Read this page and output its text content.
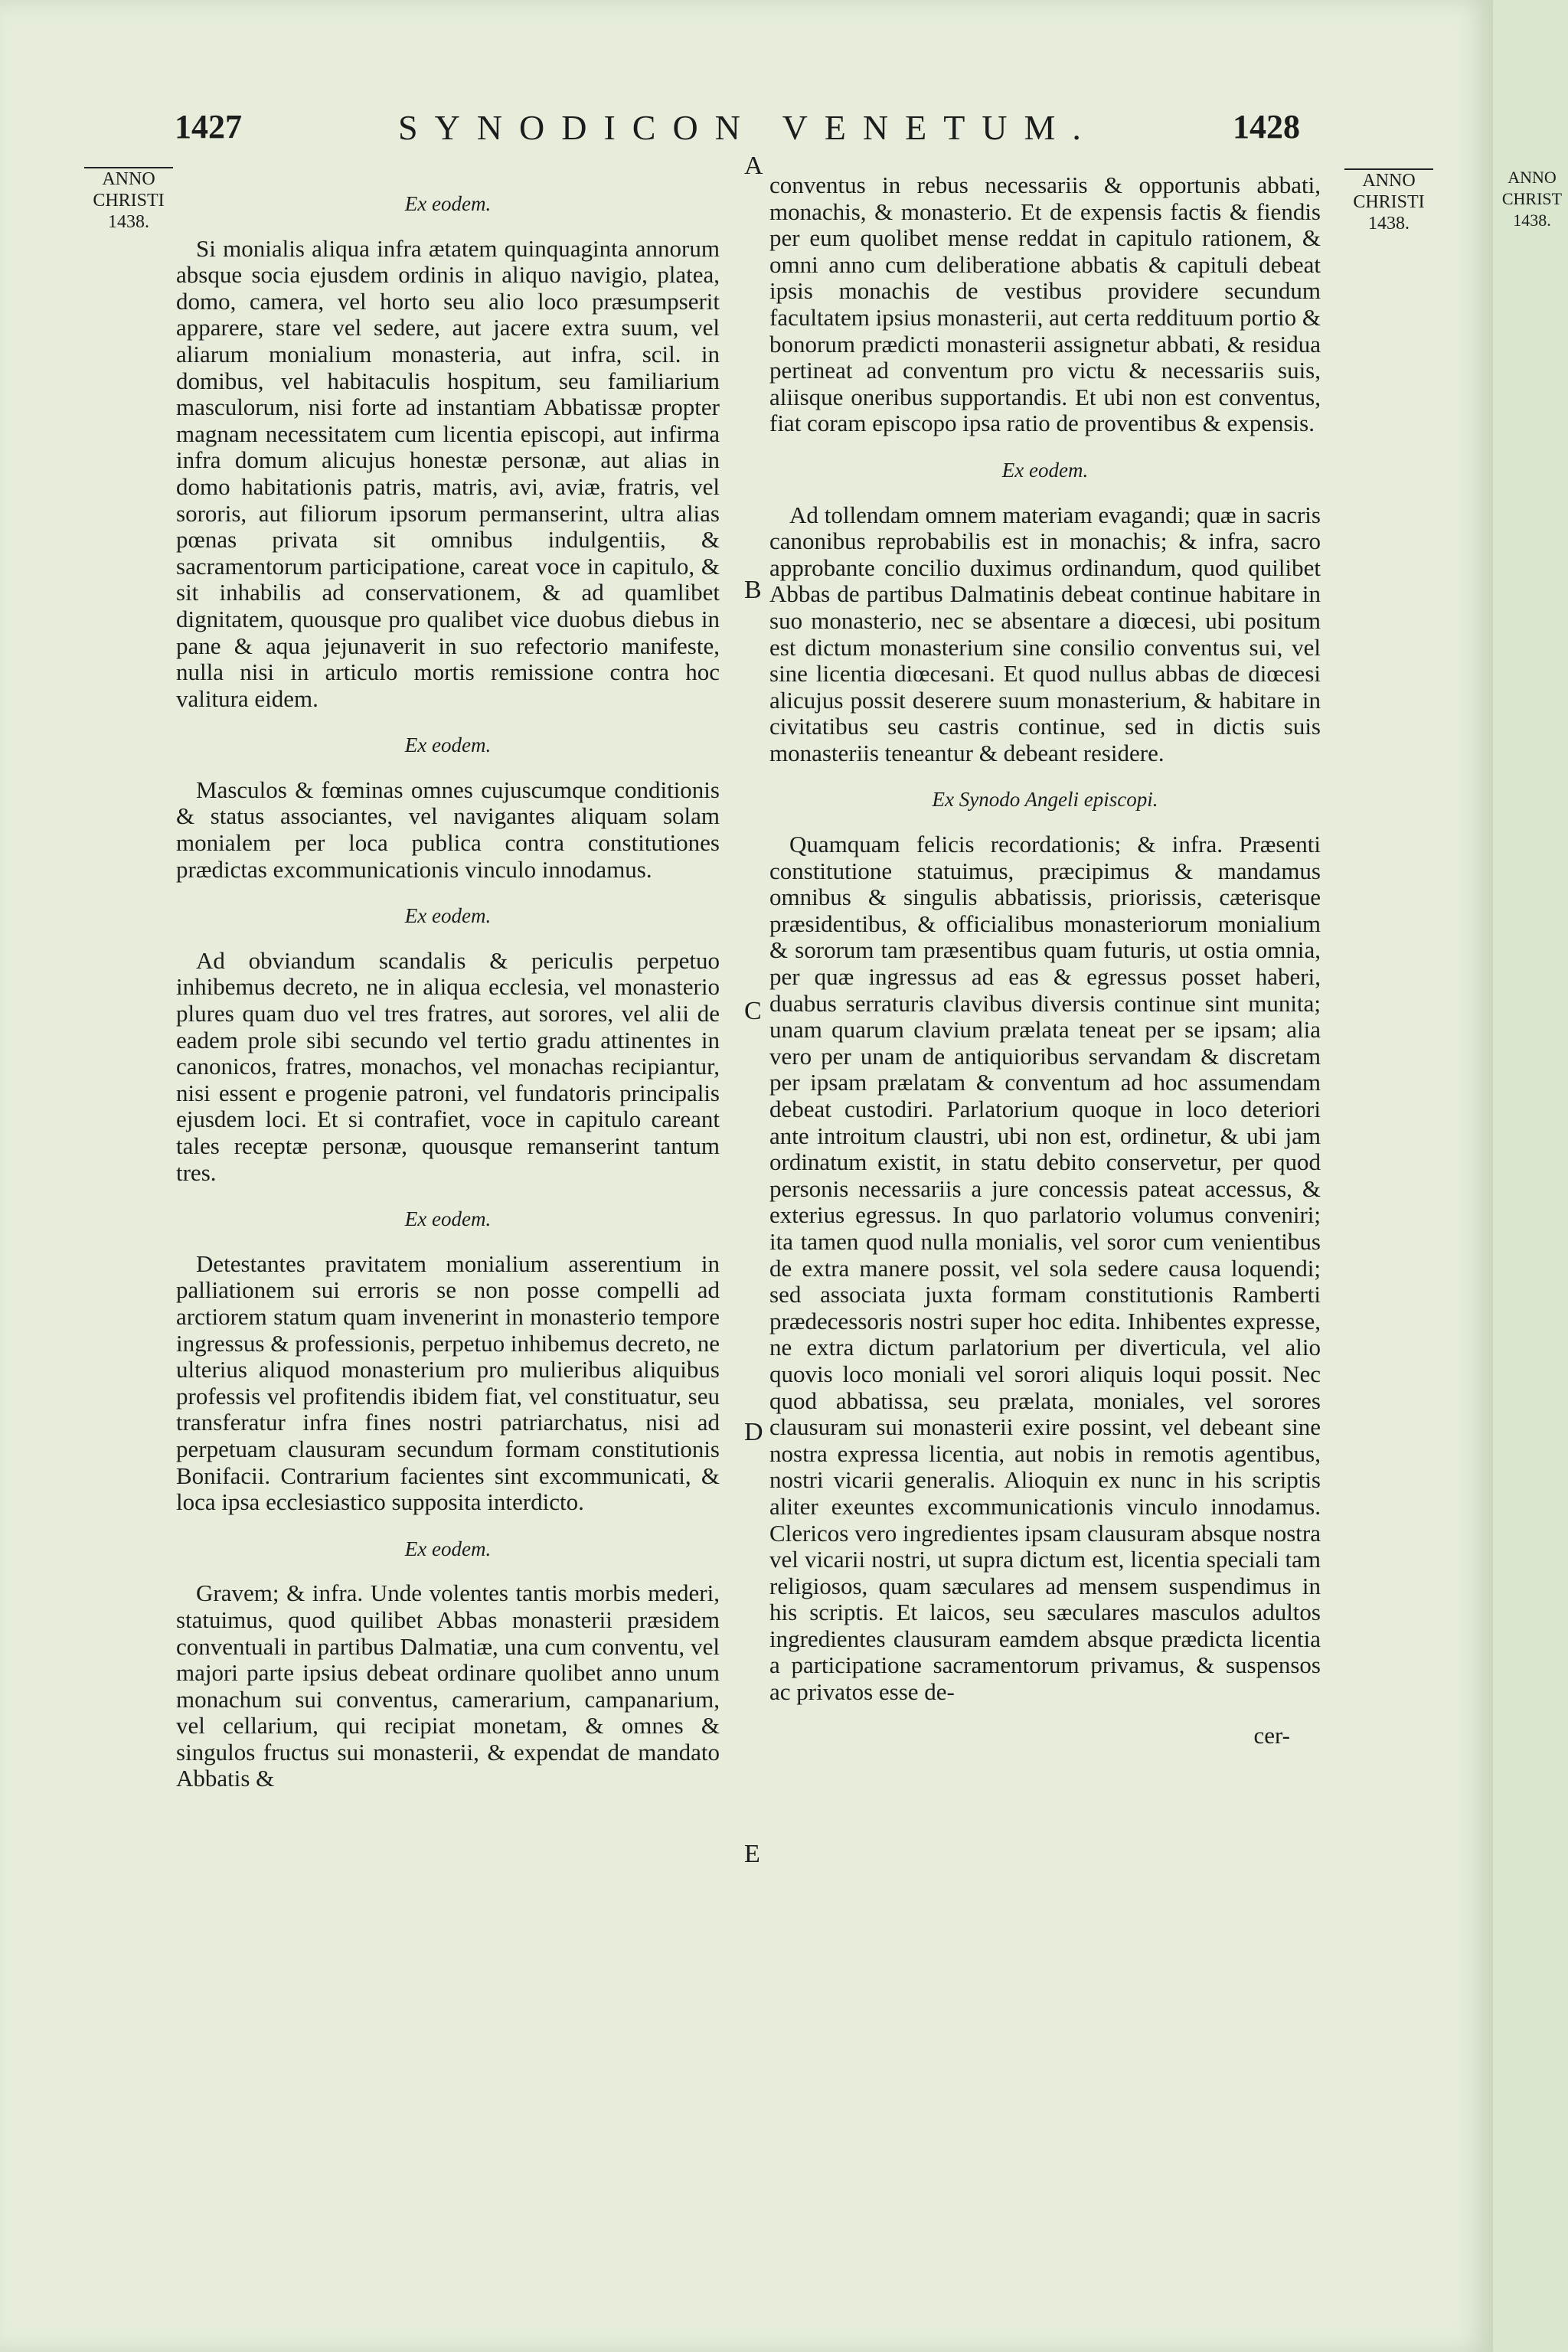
1427	SYNODICON VENETUM.	1428
ANNO
CHRISTI
1438.
ANNO
CHRISTI
1438.
A
B
C
D
E
Ex eodem.

Si monialis aliqua infra ætatem quinquaginta annorum absque socia ejusdem ordinis in aliquo navigio, platea, domo, camera, vel horto seu alio loco præsumpserit apparere, stare vel sedere, aut jacere extra suum, vel aliarum monialium monasteria, aut infra, scil. in domibus, vel habitaculis hospitum, seu familiarium masculorum, nisi forte ad instantiam Abbatissæ propter magnam necessitatem cum licentia episcopi, aut infirma infra domum alicujus honestæ personæ, aut alias in domo habitationis patris, matris, avi, aviæ, fratris, vel sororis, aut filiorum ipsorum permanserint, ultra alias pœnas privata sit omnibus indulgentiis, & sacramentorum participatione, careat voce in capitulo, & sit inhabilis ad conservationem, & ad quamlibet dignitatem, quousque pro qualibet vice duobus diebus in pane & aqua jejunaverit in suo refectorio manifeste, nulla nisi in articulo mortis remissione contra hoc valitura eidem.

Ex eodem.

Masculos & fœminas omnes cujuscumque conditionis & status associantes, vel navigantes aliquam solam monialem per loca publica contra constitutiones prædictas excommunicationis vinculo innodamus.

Ex eodem.

Ad obviandum scandalis & periculis perpetuo inhibemus decreto, ne in aliqua ecclesia, vel monasterio plures quam duo vel tres fratres, aut sorores, vel alii de eadem prole sibi secundo vel tertio gradu attinentes in canonicos, fratres, monachos, vel monachas recipiantur, nisi essent e progenie patroni, vel fundatoris principalis ejusdem loci. Et si contrafiet, voce in capitulo careant tales receptæ personæ, quousque remanserint tantum tres.

Ex eodem.

Detestantes pravitatem monialium asserentium in palliationem sui erroris se non posse compelli ad arctiorem statum quam invenerint in monasterio tempore ingressus & professionis, perpetuo inhibemus decreto, ne ulterius aliquod monasterium pro mulieribus aliquibus professis vel profitendis ibidem fiat, vel constituatur, seu transferatur infra fines nostri patriarchatus, nisi ad perpetuam clausuram secundum formam constitutionis Bonifacii. Contrarium facientes sint excommunicati, & loca ipsa ecclesiastico supposita interdicto.

Ex eodem.

Gravem; & infra. Unde volentes tantis morbis mederi, statuimus, quod quilibet Abbas monasterii præsidem conventuali in partibus Dalmatiæ, una cum conventu, vel majori parte ipsius debeat ordinare quolibet anno unum monachum sui conventus, camerarium, campanarium, vel cellarium, qui recipiat monetam, & omnes & singulos fructus sui monasterii, & expendat de mandato Abbatis &

conventus in rebus necessariis & opportunis abbati, monachis, & monasterio. Et de expensis factis & fiendis per eum quolibet mense reddat in capitulo rationem, & omni anno cum deliberatione abbatis & capituli debeat ipsis monachis de vestibus providere secundum facultatem ipsius monasterii, aut certa reddituum portio & bonorum prædicti monasterii assignetur abbati, & residua pertineat ad conventum pro victu & necessariis suis, aliisque oneribus supportandis. Et ubi non est conventus, fiat coram episcopo ipsa ratio de proventibus & expensis.

Ex eodem.

Ad tollendam omnem materiam evagandi; quæ in sacris canonibus reprobabilis est in monachis; & infra, sacro approbante concilio duximus ordinandum, quod quilibet Abbas de partibus Dalmatinis debeat continue habitare in suo monasterio, nec se absentare a diœcesi, ubi positum est dictum monasterium sine consilio conventus sui, vel sine licentia diœcesani. Et quod nullus abbas de diœcesi alicujus possit deserere suum monasterium, & habitare in civitatibus seu castris continue, sed in dictis suis monasteriis teneantur & debeant residere.

Ex Synodo Angeli episcopi.

Quamquam felicis recordationis; & infra. Præsenti constitutione statuimus, præcipimus & mandamus omnibus & singulis abbatissis, priorissis, cæterisque præsidentibus, & officialibus monasteriorum monialium & sororum tam præsentibus quam futuris, ut ostia omnia, per quæ ingressus ad eas & egressus posset haberi, duabus serraturis clavibus diversis continue sint munita; unam quarum clavium prælata teneat per se ipsam; alia vero per unam de antiquioribus servandam & discretam per ipsam prælatam & conventum ad hoc assumendam debeat custodiri. Parlatorium quoque in loco deteriori ante introitum claustri, ubi non est, ordinetur, & ubi jam ordinatum existit, in statu debito conservetur, per quod personis necessariis a jure concessis pateat accessus, & exterius egressus. In quo parlatorio volumus conveniri; ita tamen quod nulla monialis, vel soror cum venientibus de extra manere possit, vel sola sedere causa loquendi; sed associata juxta formam constitutionis Ramberti prædecessoris nostri super hoc edita. Inhibentes expresse, ne extra dictum parlatorium per diverticula, vel alio quovis loco moniali vel sorori aliquis loqui possit. Nec quod abbatissa, seu prælata, moniales, vel sorores clausuram sui monasterii exire possint, vel debeant sine nostra expressa licentia, aut nobis in remotis agentibus, nostri vicarii generalis. Alioquin ex nunc in his scriptis aliter exeuntes excommunicationis vinculo innodamus. Clericos vero ingredientes ipsam clausuram absque nostra vel vicarii nostri, ut supra dictum est, licentia speciali tam religiosos, quam sæculares ad mensem suspendimus in his scriptis. Et laicos, seu sæculares masculos adultos ingredientes clausuram eamdem absque prædicta licentia a participatione sacramentorum privamus, & suspensos ac privatos esse de-

cer-

ANNO
CHRIST
1438.
